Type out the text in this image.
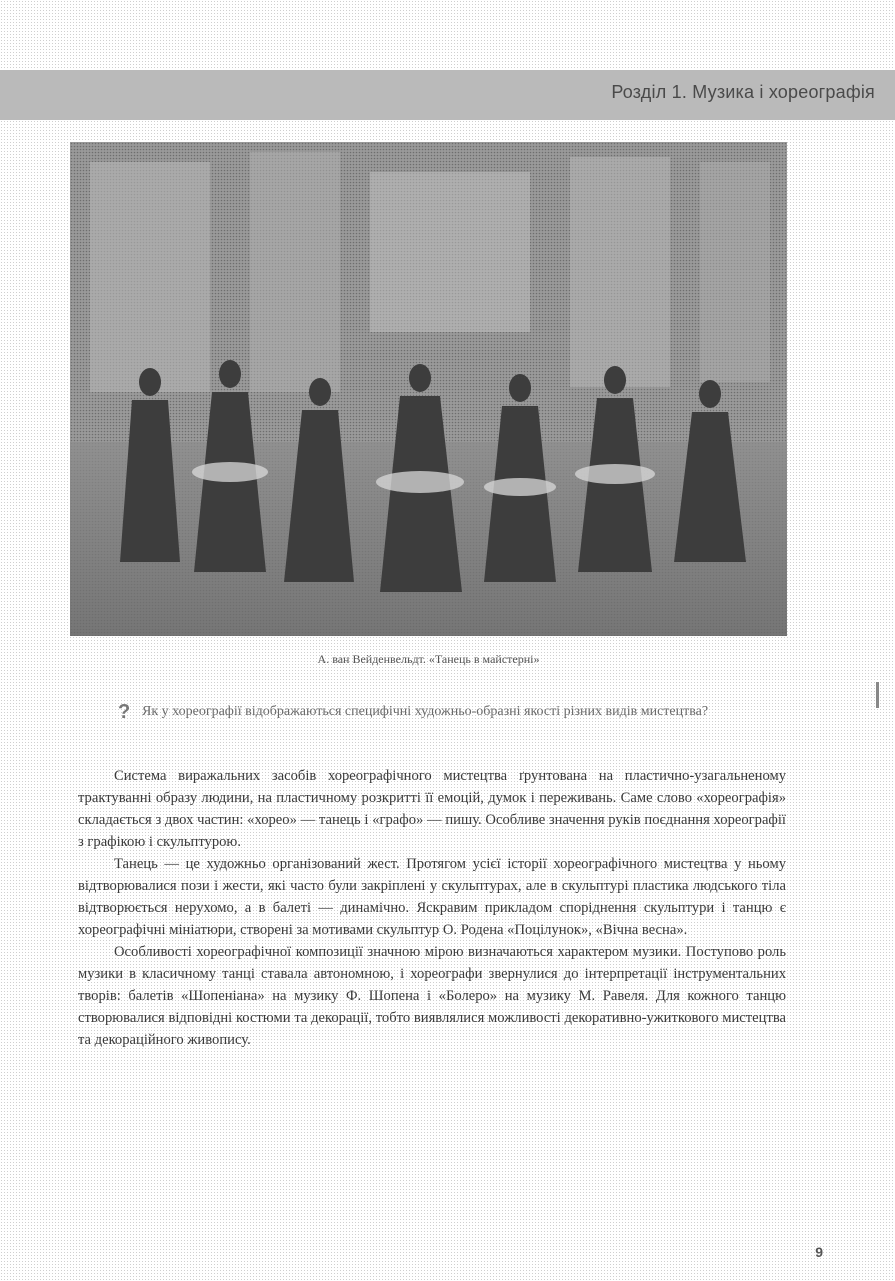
Розділ 1. Музика і хореографія
А. ван Вейденвельдт. «Танець в майстерні»
? Як у хореографії відображаються специфічні художньо-образні якості різних видів мистецтва?

Система виражальних засобів хореографічного мистецтва ґрунтована на пластично-узагальненому трактуванні образу людини, на пластичному розкритті її емоцій, думок і переживань. Саме слово «хореографія» складається з двох частин: «хорео» — танець і «графо» — пишу. Особливе значення руків поєднання хореографії з графікою і скульптурою.

Танець — це художньо організований жест. Протягом усієї історії хореографічного мистецтва у ньому відтворювалися пози і жести, які часто були закріплені у скульптурах, але в скульптурі пластика людського тіла відтворюється нерухомо, а в балеті — динамічно. Яскравим прикладом споріднення скульптури і танцю є хореографічні мініатюри, створені за мотивами скульптур О. Родена «Поцілунок», «Вічна весна».

Особливості хореографічної композиції значною мірою визначаються характером музики. Поступово роль музики в класичному танці ставала автономною, і хореографи звернулися до інтерпретації інструментальних творів: балетів «Шопеніана» на музику Ф. Шопена і «Болеро» на музику М. Равеля. Для кожного танцю створювалися відповідні костюми та декорації, тобто виявлялися можливості декоративно-ужиткового мистецтва та декораційного живопису.

9
